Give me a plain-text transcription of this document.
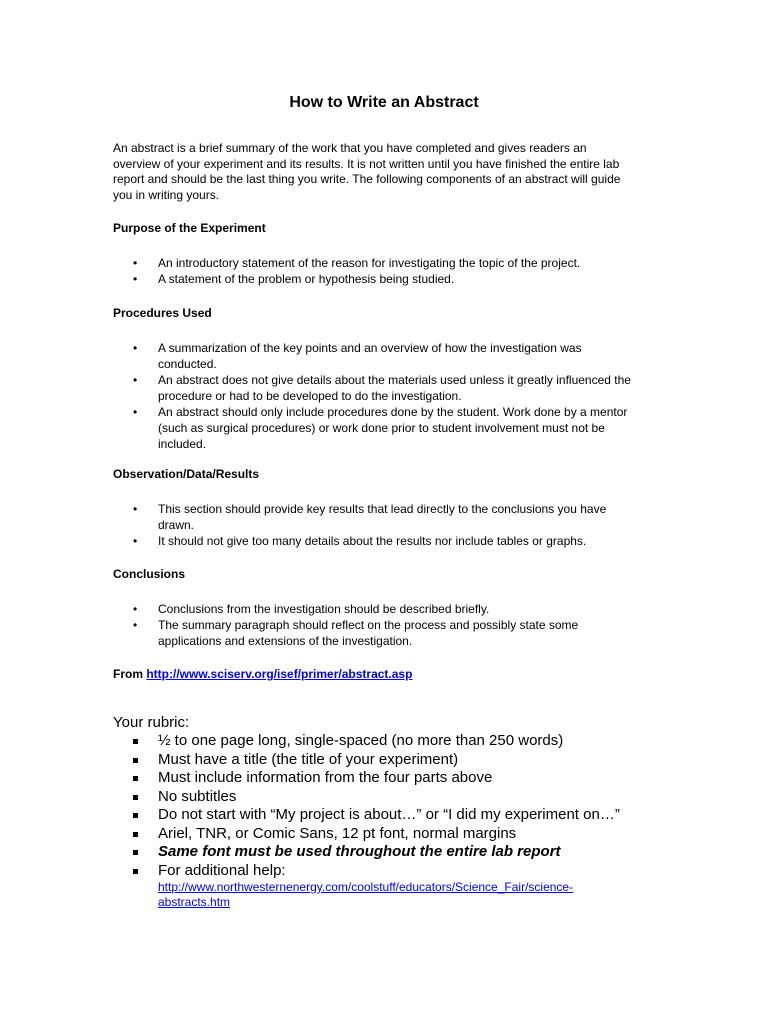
How to Write an Abstract
An abstract is a brief summary of the work that you have completed and gives readers an
overview of your experiment and its results. It is not written until you have finished the entire lab
report and should be the last thing you write. The following components of an abstract will guide
you in writing yours.
Purpose of the Experiment
• An introductory statement of the reason for investigating the topic of the project.
• A statement of the problem or hypothesis being studied.
Procedures Used
• A summarization of the key points and an overview of how the investigation was
conducted.
• An abstract does not give details about the materials used unless it greatly influenced the
procedure or had to be developed to do the investigation.
• An abstract should only include procedures done by the student. Work done by a mentor
(such as surgical procedures) or work done prior to student involvement must not be
included.
Observation/Data/Results
• This section should provide key results that lead directly to the conclusions you have
drawn.
• It should not give too many details about the results nor include tables or graphs.
Conclusions
• Conclusions from the investigation should be described briefly.
• The summary paragraph should reflect on the process and possibly state some
applications and extensions of the investigation.
From http://www.sciserv.org/isef/primer/abstract.asp
Your rubric:
½ to one page long, single-spaced (no more than 250 words)
Must have a title (the title of your experiment)
Must include information from the four parts above
No subtitles
Do not start with “My project is about…” or “I did my experiment on…”
Ariel, TNR, or Comic Sans, 12 pt font, normal margins
Same font must be used throughout the entire lab report
For additional help:
http://www.northwesternenergy.com/coolstuff/educators/Science_Fair/science-
abstracts.htm
